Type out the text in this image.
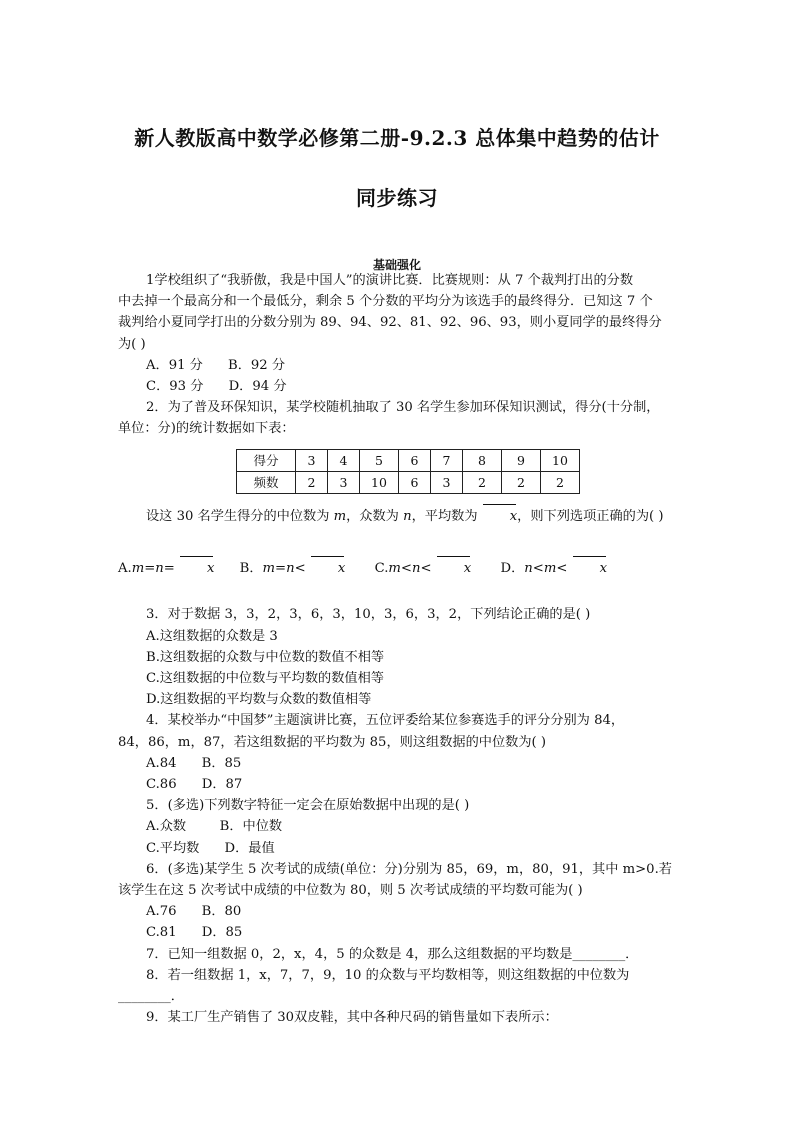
新人教版高中数学必修第二册-9.2.3 总体集中趋势的估计
同步练习
基础强化

1学校组织了“我骄傲，我是中国人”的演讲比赛．比赛规则：从 7 个裁判打出的分数

中去掉一个最高分和一个最低分，剩余 5 个分数的平均分为该选手的最终得分．已知这 7 个

裁判给小夏同学打出的分数分别为 89、94、92、81、92、96、93，则小夏同学的最终得分

为( )

A．91 分      B．92 分

C．93 分      D．94 分

2．为了普及环保知识，某学校随机抽取了 30 名学生参加环保知识测试，得分(十分制，

单位：分)的统计数据如下表：

得分	3	4	5	6	7	8	9	10
频数	2	3	10	6	3	2	2	2

设这 30 名学生得分的中位数为 m，众数为 n，平均数为 x，则下列选项正确的为( )

A.m=n= x B．m=n< x C.m<n< x D．n<m< x

3．对于数据 3，3，2，3，6，3，10，3，6，3，2，下列结论正确的是( )

A.这组数据的众数是 3

B.这组数据的众数与中位数的数值不相等

C.这组数据的中位数与平均数的数值相等

D.这组数据的平均数与众数的数值相等

4．某校举办“中国梦”主题演讲比赛，五位评委给某位参赛选手的评分分别为 84，

84，86，m，87，若这组数据的平均数为 85，则这组数据的中位数为( )

A.84      B．85

C.86      D．87

5．(多选)下列数字特征一定会在原始数据中出现的是( )

A.众数        B．中位数

C.平均数      D．最值

6．(多选)某学生 5 次考试的成绩(单位：分)分别为 85，69，m，80，91，其中 m>0.若

该学生在这 5 次考试中成绩的中位数为 80，则 5 次考试成绩的平均数可能为( )

A.76      B．80

C.81      D．85

7．已知一组数据 0，2，x，4，5 的众数是 4，那么这组数据的平均数是________．

8．若一组数据 1，x，7，7，9，10 的众数与平均数相等，则这组数据的中位数为

________．

9．某工厂生产销售了 30双皮鞋，其中各种尺码的销售量如下表所示：
